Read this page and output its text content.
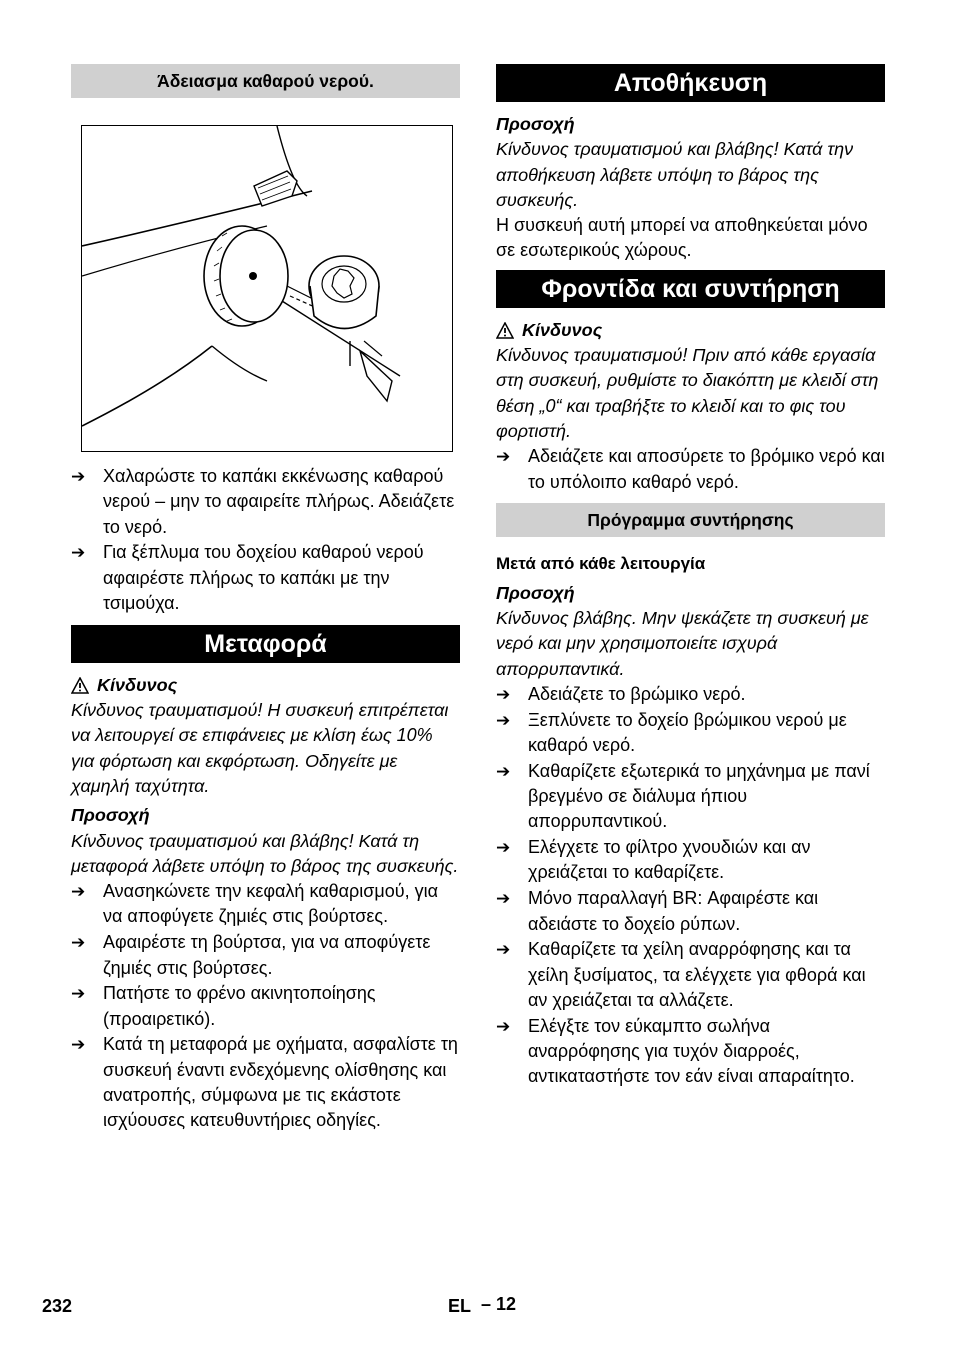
Άδειασμα καθαρού νερού.
➔ Χαλαρώστε το καπάκι εκκένωσης καθαρού νερού – μην το αφαιρείτε πλήρως. Αδειάζετε το νερό.
➔ Για ξέπλυμα του δοχείου καθαρού νερού αφαιρέστε πλήρως το καπάκι με την τσιμούχα.
Μεταφορά

Κίνδυνος

Κίνδυνος τραυματισμού! Η συσκευή επιτρέπεται να λειτουργεί σε επιφάνειες με κλίση έως 10% για φόρτωση και εκφόρτωση. Οδηγείτε με χαμηλή ταχύτητα.

Προσοχή

Κίνδυνος τραυματισμού και βλάβης! Κατά τη μεταφορά λάβετε υπόψη το βάρος της συσκευής.

➔ Ανασηκώνετε την κεφαλή καθαρισμού, για να αποφύγετε ζημιές στις βούρτσες.
➔ Αφαιρέστε τη βούρτσα, για να αποφύγετε ζημιές στις βούρτσες.
➔ Πατήστε το φρένο ακινητοποίησης (προαιρετικό).
➔ Κατά τη μεταφορά με οχήματα, ασφαλίστε τη συσκευή έναντι ενδεχόμενης ολίσθησης και ανατροπής, σύμφωνα με τις εκάστοτε ισχύουσες κατευθυντήριες οδηγίες.
Αποθήκευση

Προσοχή

Κίνδυνος τραυματισμού και βλάβης! Κατά την αποθήκευση λάβετε υπόψη το βάρος της συσκευής.

Η συσκευή αυτή μπορεί να αποθηκεύεται μόνο σε εσωτερικούς χώρους.

Φροντίδα και συντήρηση

Κίνδυνος

Κίνδυνος τραυματισμού! Πριν από κάθε εργασία στη συσκευή, ρυθμίστε το διακόπτη με κλειδί στη θέση „0“ και τραβήξτε το κλειδί και το φις του φορτιστή.

➔ Αδειάζετε και αποσύρετε το βρόμικο νερό και το υπόλοιπο καθαρό νερό.
Πρόγραμμα συντήρησης

Μετά από κάθε λειτουργία

Προσοχή

Κίνδυνος βλάβης. Μην ψεκάζετε τη συσκευή με νερό και μην χρησιμοποιείτε ισχυρά απορρυπαντικά.

➔ Αδειάζετε το βρώμικο νερό.
➔ Ξεπλύνετε το δοχείο βρώμικου νερού με καθαρό νερό.
➔ Καθαρίζετε εξωτερικά το μηχάνημα με πανί βρεγμένο σε διάλυμα ήπιου απορρυπαντικού.
➔ Ελέγχετε το φίλτρο χνουδιών και αν χρειάζεται το καθαρίζετε.
➔ Μόνο παραλλαγή BR: Αφαιρέστε και αδειάστε το δοχείο ρύπων.
➔ Καθαρίζετε τα χείλη αναρρόφησης και τα χείλη ξυσίματος, τα ελέγχετε για φθορά και αν χρειάζεται τα αλλάζετε.
➔ Ελέγξτε τον εύκαμπτο σωλήνα αναρρόφησης για τυχόν διαρροές, αντικαταστήστε τον εάν είναι απαραίτητο.
232	EL – 12
